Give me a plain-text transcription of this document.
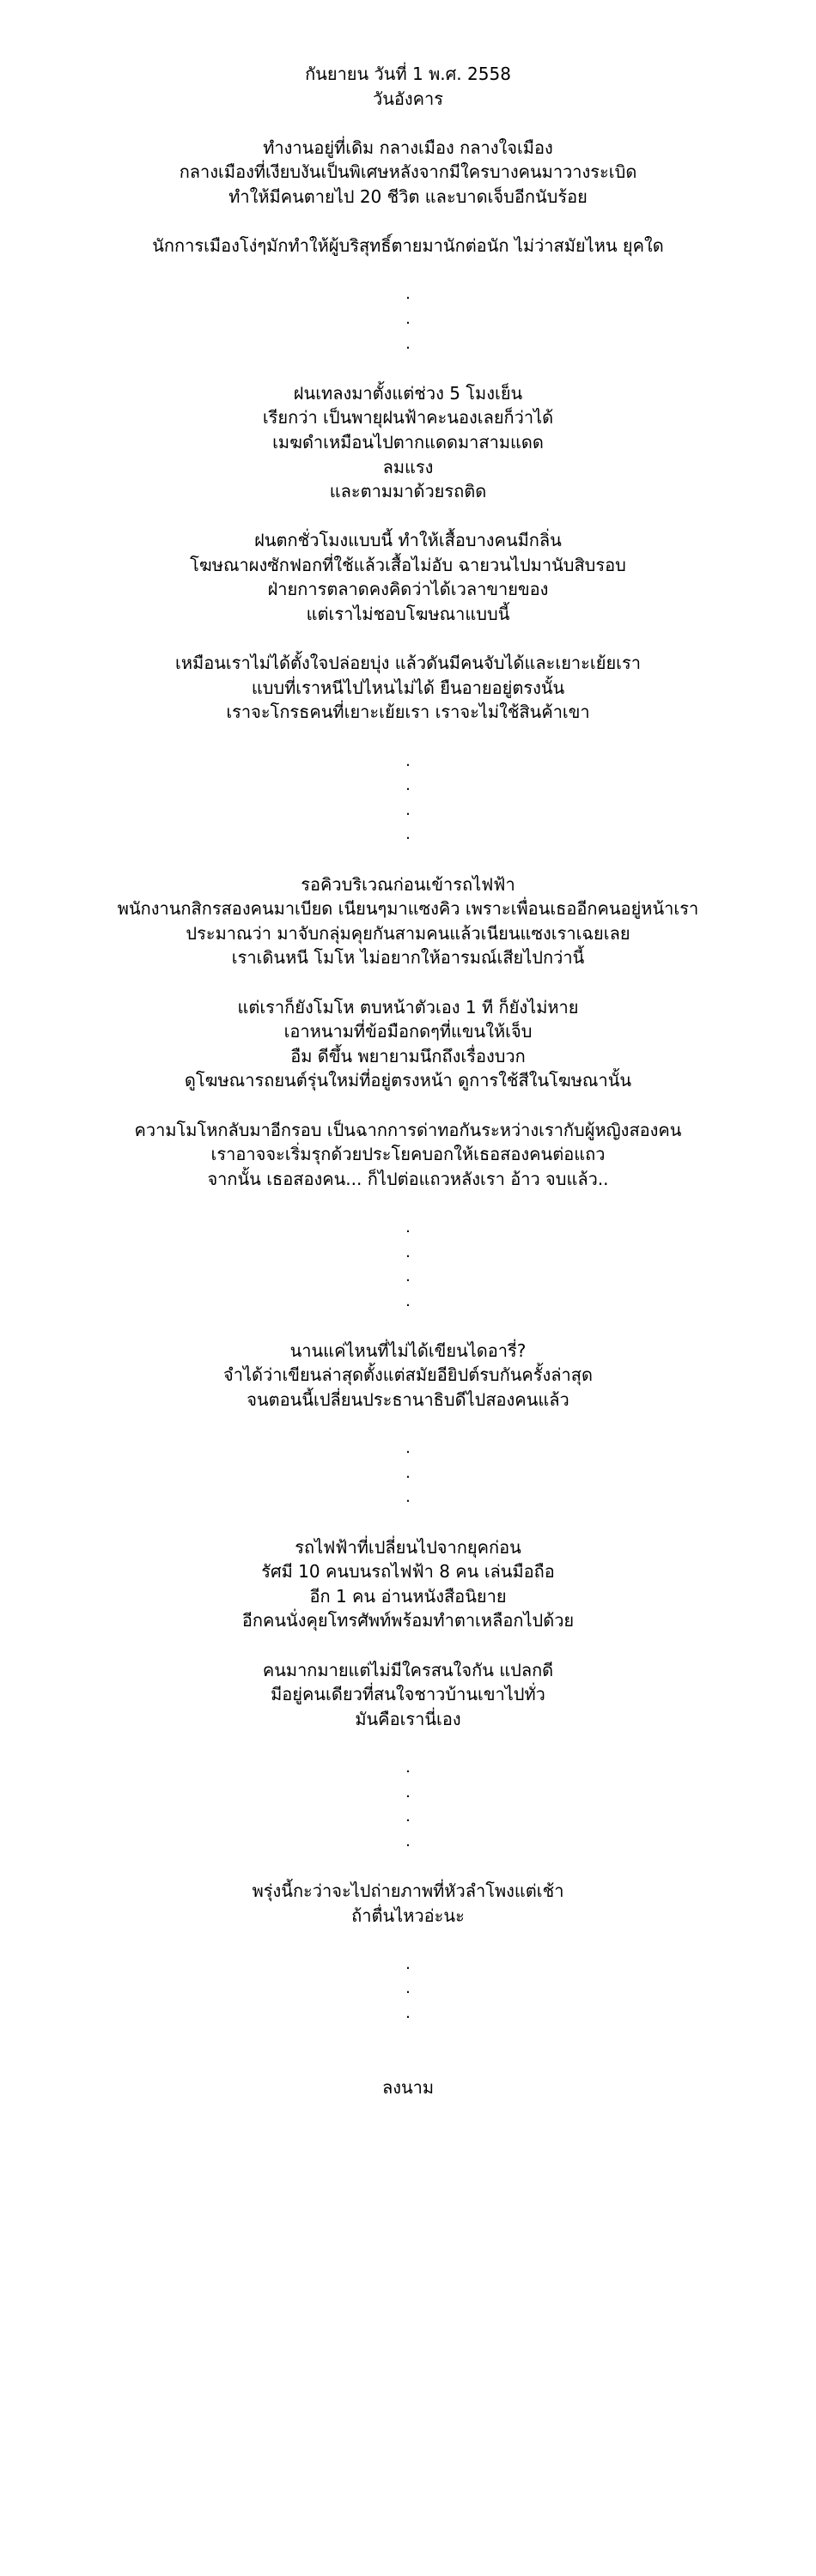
กันยายน วันที่ 1 พ.ศ. 2558
วันอังคาร
ทำงานอยู่ที่เดิม กลางเมือง กลางใจเมือง
กลางเมืองที่เงียบงันเป็นพิเศษหลังจากมีใครบางคนมาวางระเบิด
ทำให้มีคนตายไป 20 ชีวิต และบาดเจ็บอีกนับร้อย
นักการเมืองโง่ๆมักทำให้ผู้บริสุทธิ์ตายมานักต่อนัก ไม่ว่าสมัยไหน ยุคใด
.
.
.
ฝนเทลงมาตั้งแต่ช่วง 5 โมงเย็น
เรียกว่า เป็นพายุฝนฟ้าคะนองเลยก็ว่าได้
เมฆดำเหมือนไปตากแดดมาสามแดด
ลมแรง
และตามมาด้วยรถติด
ฝนตกชั่วโมงแบบนี้ ทำให้เสื้อบางคนมีกลิ่น
โฆษณาผงซักฟอกที่ใช้แล้วเสื้อไม่อับ ฉายวนไปมานับสิบรอบ
ฝ่ายการตลาดคงคิดว่าได้เวลาขายของ
แต่เราไม่ชอบโฆษณาแบบนี้
เหมือนเราไม่ได้ตั้งใจปล่อยบุ่ง แล้วดันมีคนจับได้และเยาะเย้ยเรา
แบบที่เราหนีไปไหนไม่ได้ ยืนอายอยู่ตรงนั้น
เราจะโกรธคนที่เยาะเย้ยเรา เราจะไม่ใช้สินค้าเขา
.
.
.
.
รอคิวบริเวณก่อนเข้ารถไฟฟ้า
พนักงานกสิกรสองคนมาเบียด เนียนๆมาแซงคิว เพราะเพื่อนเธออีกคนอยู่หน้าเรา
ประมาณว่า มาจับกลุ่มคุยกันสามคนแล้วเนียนแซงเราเฉยเลย
เราเดินหนี โมโห ไม่อยากให้อารมณ์เสียไปกว่านี้
แต่เราก็ยังโมโห ตบหน้าตัวเอง 1 ที ก็ยังไม่หาย
เอาหนามที่ข้อมือกดๆที่แขนให้เจ็บ
อืม ดีขึ้น พยายามนึกถึงเรื่องบวก
ดูโฆษณารถยนต์รุ่นใหม่ที่อยู่ตรงหน้า ดูการใช้สีในโฆษณานั้น
ความโมโหกลับมาอีกรอบ เป็นฉากการด่าทอกันระหว่างเรากับผู้หญิงสองคน
เราอาจจะเริ่มรุกด้วยประโยคบอกให้เธอสองคนต่อแถว
จากนั้น เธอสองคน... ก็ไปต่อแถวหลังเรา อ้าว จบแล้ว..
.
.
.
.
นานแค่ไหนที่ไม่ได้เขียนไดอารี่?
จำได้ว่าเขียนล่าสุดตั้งแต่สมัยอียิปต์รบกันครั้งล่าสุด
จนตอนนี้เปลี่ยนประธานาธิบดีไปสองคนแล้ว
.
.
.
รถไฟฟ้าที่เปลี่ยนไปจากยุคก่อน
รัศมี 10 คนบนรถไฟฟ้า 8 คน เล่นมือถือ
อีก 1 คน อ่านหนังสือนิยาย
อีกคนนั่งคุยโทรศัพท์พร้อมทำตาเหลือกไปด้วย
คนมากมายแต่ไม่มีใครสนใจกัน แปลกดี
มีอยู่คนเดียวที่สนใจชาวบ้านเขาไปทั่ว
มันคือเรานี่เอง
.
.
.
.
พรุ่งนี้กะว่าจะไปถ่ายภาพที่หัวลำโพงแต่เช้า
ถ้าตื่นไหวอ่ะนะ
.
.
.
ลงนาม
